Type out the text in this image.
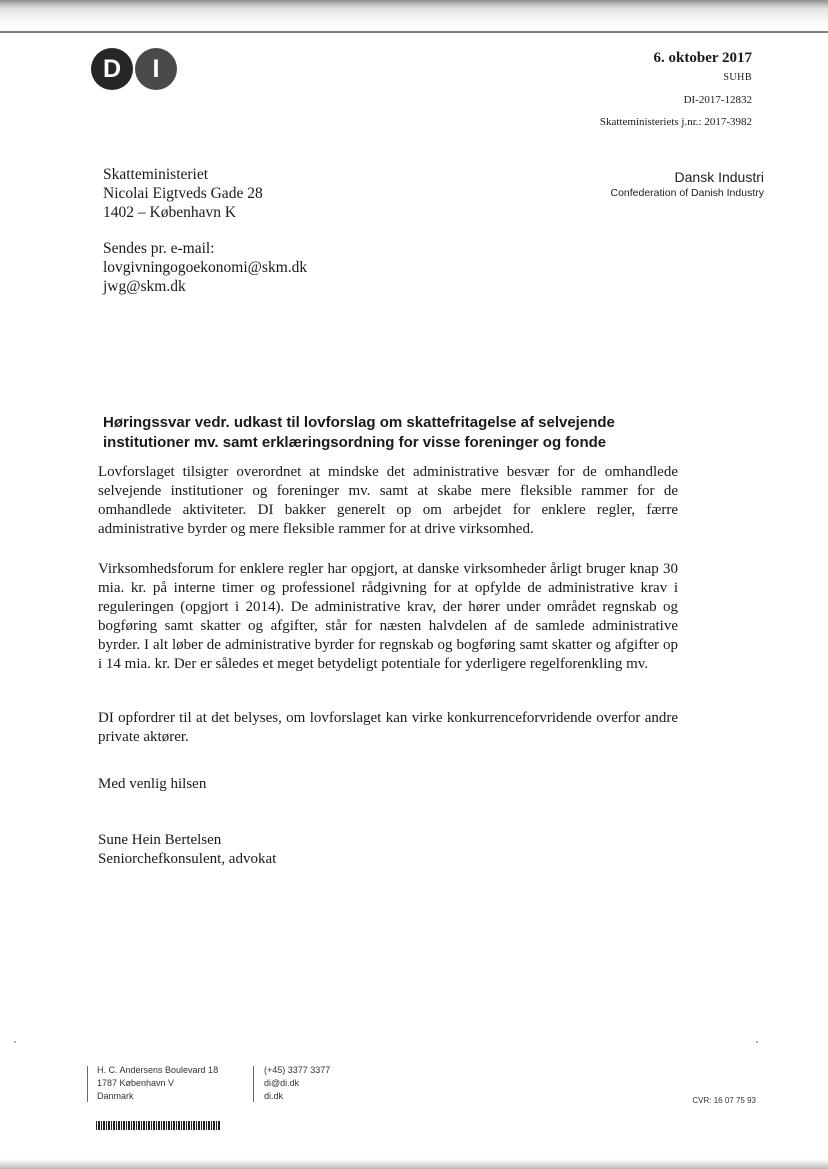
D	I	6. oktober 2017
SUHB
DI-2017-12832
Skatteministeriets j.nr.: 2017-3982
Skatteministeriet
Nicolai Eigtveds Gade 28
1402 – København K
Dansk Industri
Confederation of Danish Industry
Sendes pr. e-mail:
lovgivningogoekonomi@skm.dk
jwg@skm.dk
Høringssvar vedr. udkast til lovforslag om skattefritagelse af selvejende institutioner mv. samt erklæringsordning for visse foreninger og fonde
Lovforslaget tilsigter overordnet at mindske det administrative besvær for de omhandlede selvejende institutioner og foreninger mv. samt at skabe mere fleksible rammer for de omhandlede aktiviteter. DI bakker generelt op om arbejdet for enklere regler, færre administrative byrder og mere fleksible rammer for at drive virksomhed.
Virksomhedsforum for enklere regler har opgjort, at danske virksomheder årligt bruger knap 30 mia. kr. på interne timer og professionel rådgivning for at opfylde de administrative krav i reguleringen (opgjort i 2014). De administrative krav, der hører under området regnskab og bogføring samt skatter og afgifter, står for næsten halvdelen af de samlede administrative byrder. I alt løber de administrative byrder for regnskab og bogføring samt skatter og afgifter op i 14 mia. kr. Der er således et meget betydeligt potentiale for yderligere regelforenkling mv.
DI opfordrer til at det belyses, om lovforslaget kan virke konkurrenceforvridende overfor andre private aktører.
Med venlig hilsen
Sune Hein Bertelsen
Seniorchefkonsulent, advokat
H. C. Andersens Boulevard 18
1787 København V
Danmark
(+45) 3377 3377
di@di.dk
di.dk	CVR: 16 07 75 93
